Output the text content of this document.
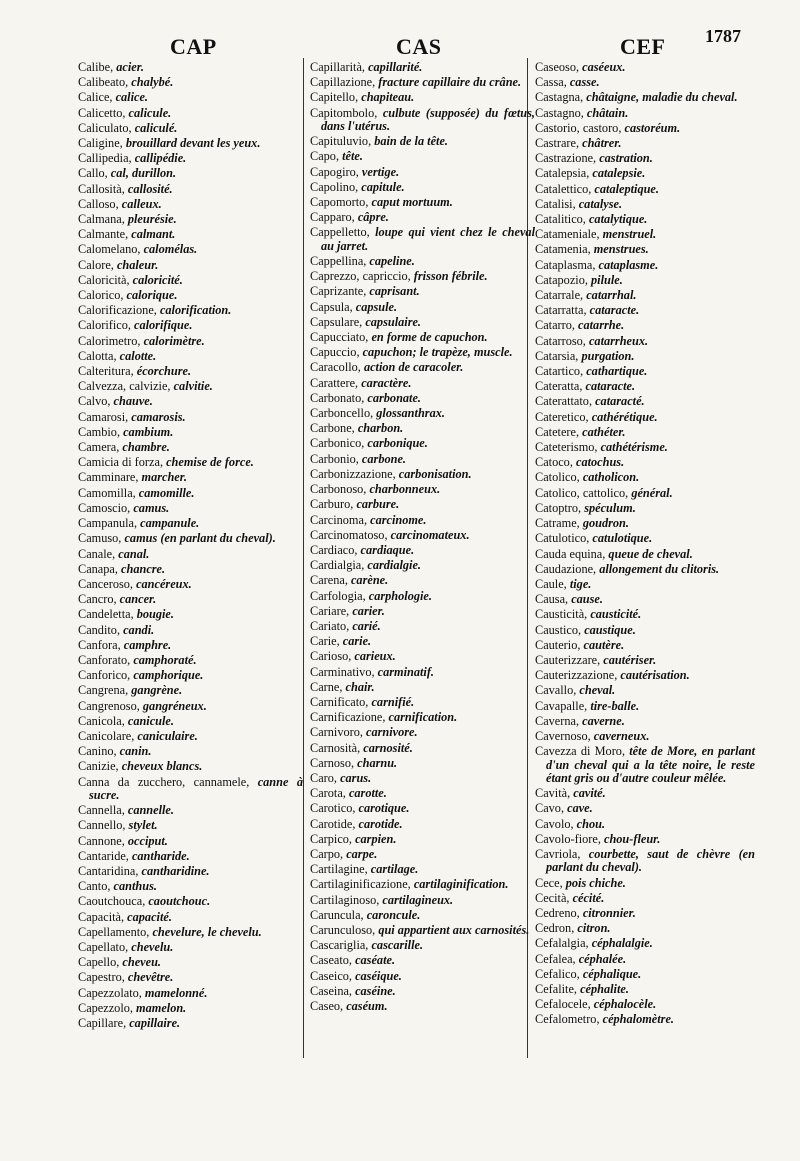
CAP	CAS	CEF 1787
Calibe, acier.
Calibeato, chalybé.
Calice, calice.
Calicetto, calicule.
Caliculato, caliculé.
Caligine, brouillard devant les yeux.
Callipedia, callipédie.
Callo, cal, durillon.
Callosità, callosité.
Calloso, calleux.
Calmana, pleurésie.
Calmante, calmant.
Calomelano, calomélas.
Calore, chaleur.
Caloricità, caloricité.
Calorico, calorique.
Calorificazione, calorification.
Calorifico, calorifique.
Calorimetro, calorimètre.
Calotta, calotte.
Calteritura, écorchure.
Calvezza, calvizie, calvitie.
Calvo, chauve.
Camarosi, camarosis.
Cambio, cambium.
Camera, chambre.
Camicia di forza, chemise de force.
Camminare, marcher.
Camomilla, camomille.
Camoscio, camus.
Campanula, campanule.
Camuso, camus (en parlant du cheval).
Canale, canal.
Canapa, chancre.
Canceroso, cancéreux.
Cancro, cancer.
Candeletta, bougie.
Candito, candi.
Canfora, camphre.
Canforato, camphoraté.
Canforico, camphorique.
Cangrena, gangrène.
Cangrenoso, gangréneux.
Canicola, canicule.
Canicolare, caniculaire.
Canino, canin.
Canizie, cheveux blancs.
Canna da zucchero, cannamele, canne à sucre.
Cannella, cannelle.
Cannello, stylet.
Cannone, occiput.
Cantaride, cantharide.
Cantaridina, cantharidine.
Canto, canthus.
Caoutchouca, caoutchouc.
Capacità, capacité.
Capellamento, chevelure, le chevelu.
Capellato, chevelu.
Capello, cheveu.
Capestro, chevêtre.
Capezzolato, mamelonné.
Capezzolo, mamelon.
Capillare, capillaire.
Capillarità, capillarité.
Capillazione, fracture capillaire du crâne.
Capitello, chapiteau.
Capitombolo, culbute (supposée) du fœtus, dans l'utérus.
Capituluvio, bain de la tête.
Capo, tête.
Capogiro, vertige.
Capolino, capitule.
Capomorto, caput mortuum.
Capparo, câpre.
Cappelletto, loupe qui vient chez le cheval au jarret.
Cappellina, capeline.
Caprezzo, capriccio, frisson fébrile.
Caprizante, caprisant.
Capsula, capsule.
Capsulare, capsulaire.
Capucciato, en forme de capuchon.
Capuccio, capuchon; le trapèze, muscle.
Caracollo, action de caracoler.
Carattere, caractère.
Carbonato, carbonate.
Carboncello, glossanthrax.
Carbone, charbon.
Carbonico, carbonique.
Carbonio, carbone.
Carbonizzazione, carbonisation.
Carbonoso, charbonneux.
Carburo, carbure.
Carcinoma, carcinome.
Carcinomatoso, carcinomateux.
Cardiaco, cardiaque.
Cardialgia, cardialgie.
Carena, carène.
Carfologia, carphologie.
Cariare, carier.
Cariato, carié.
Carie, carie.
Carioso, carieux.
Carminativo, carminatif.
Carne, chair.
Carnificato, carnifié.
Carnificazione, carnification.
Carnivoro, carnivore.
Carnosità, carnosité.
Carnoso, charnu.
Caro, carus.
Carota, carotte.
Carotico, carotique.
Carotide, carotide.
Carpico, carpien.
Carpo, carpe.
Cartilagine, cartilage.
Cartilaginificazione, cartilaginification.
Cartilaginoso, cartilagineux.
Caruncula, caroncule.
Carunculoso, qui appartient aux carnosités.
Cascariglia, cascarille.
Caseato, caséate.
Caseico, caséique.
Caseina, caséine.
Caseo, caséum.
Caseoso, caséeux.
Cassa, casse.
Castagna, châtaigne, maladie du cheval.
Castagno, châtain.
Castorio, castoro, castoréum.
Castrare, châtrer.
Castrazione, castration.
Catalepsia, catalepsie.
Catalettico, cataleptique.
Catalisi, catalyse.
Catalitico, catalytique.
Catameniale, menstruel.
Catamenia, menstrues.
Cataplasma, cataplasme.
Catapozio, pilule.
Catarrale, catarrhal.
Catarratta, cataracte.
Catarro, catarrhe.
Catarroso, catarrheux.
Catarsia, purgation.
Catartico, cathartique.
Cateratta, cataracte.
Caterattato, cataracté.
Cateretico, cathérétique.
Catetere, cathéter.
Cateterismo, cathétérisme.
Catoco, catochus.
Catolico, catholicon.
Catolico, cattolico, général.
Catoptro, spéculum.
Catrame, goudron.
Catulotico, catulotique.
Cauda equina, queue de cheval.
Caudazione, allongement du clitoris.
Caule, tige.
Causa, cause.
Causticità, causticité.
Caustico, caustique.
Cauterio, cautère.
Cauterizzare, cautériser.
Cauterizzazione, cautérisation.
Cavallo, cheval.
Cavapalle, tire-balle.
Caverna, caverne.
Cavernoso, caverneux.
Cavezza di Moro, tête de More, en parlant d'un cheval qui a la tête noire, le reste étant gris ou d'autre couleur mêlée.
Cavità, cavité.
Cavo, cave.
Cavolo, chou.
Cavolo-fiore, chou-fleur.
Cavriola, courbette, saut de chèvre (en parlant du cheval).
Cece, pois chiche.
Cecità, cécité.
Cedreno, citronnier.
Cedron, citron.
Cefalalgia, céphalalgie.
Cefalea, céphalée.
Cefalico, céphalique.
Cefalite, céphalite.
Cefalocele, céphalocèle.
Cefalometro, céphalomètre.
